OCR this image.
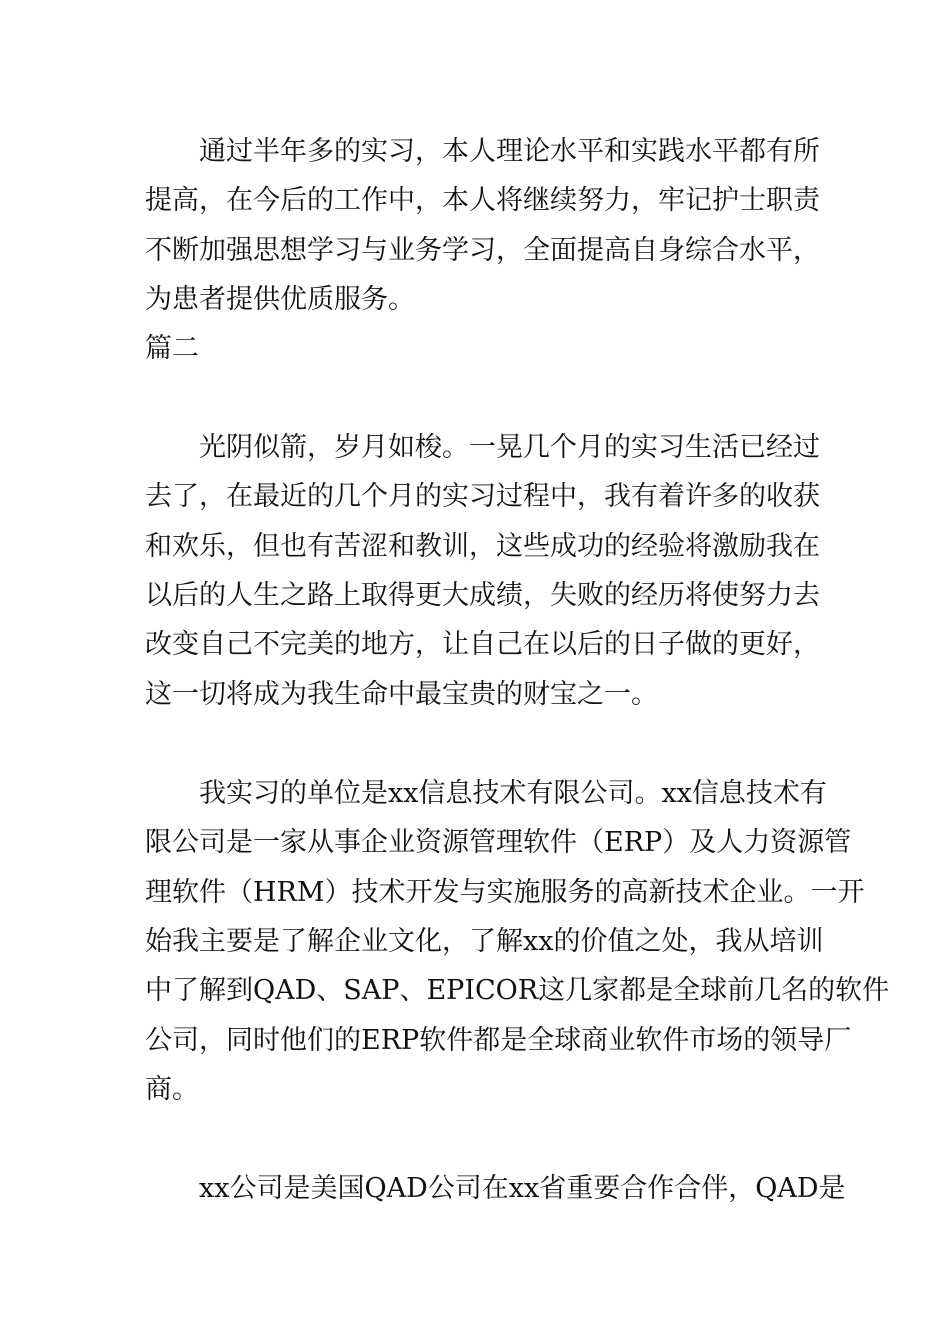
通过半年多的实习，本人理论水平和实践水平都有所

提高，在今后的工作中，本人将继续努力，牢记护士职责

不断加强思想学习与业务学习，全面提高自身综合水平，

为患者提供优质服务。

篇二

光阴似箭，岁月如梭。一晃几个月的实习生活已经过

去了，在最近的几个月的实习过程中，我有着许多的收获

和欢乐，但也有苦涩和教训，这些成功的经验将激励我在

以后的人生之路上取得更大成绩，失败的经历将使努力去

改变自己不完美的地方，让自己在以后的日子做的更好，

这一切将成为我生命中最宝贵的财宝之一。

我实习的单位是xx信息技术有限公司。xx信息技术有

限公司是一家从事企业资源管理软件（ERP）及人力资源管

理软件（HRM）技术开发与实施服务的高新技术企业。一开

始我主要是了解企业文化，了解xx的价值之处，我从培训

中了解到QAD、SAP、EPICOR这几家都是全球前几名的软件

公司，同时他们的ERP软件都是全球商业软件市场的领导厂

商。

xx公司是美国QAD公司在xx省重要合作合伴，QAD是
